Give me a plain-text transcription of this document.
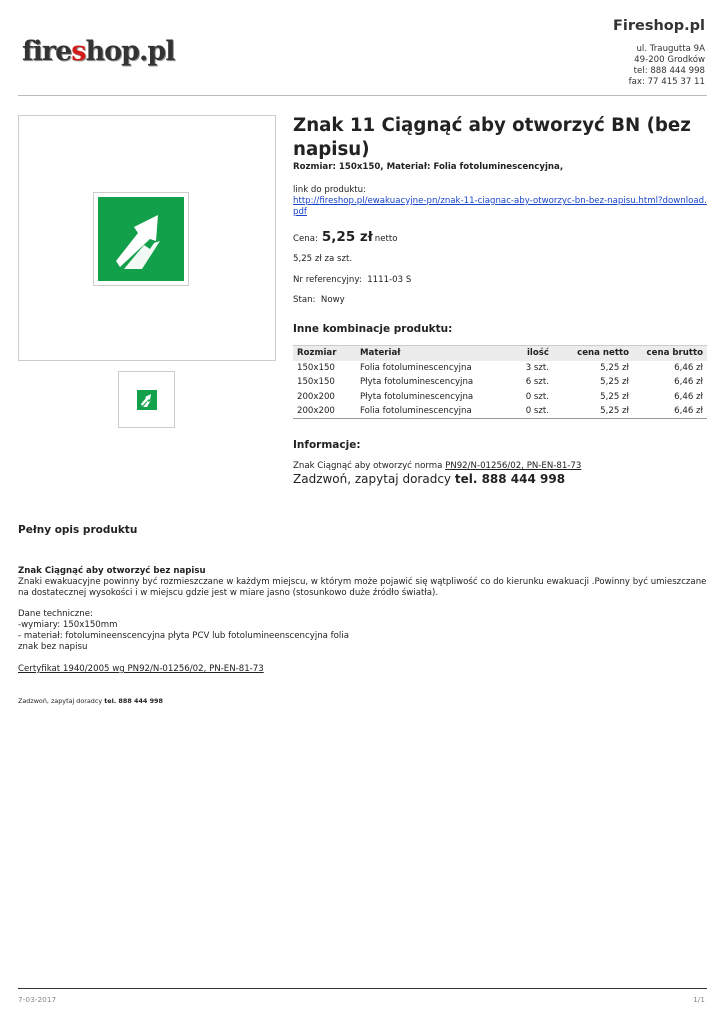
fireshop.pl
Fireshop.pl
ul. Traugutta 9A
49-200 Grodków
tel: 888 444 998
fax: 77 415 37 11
Znak 11 Ciągnąć aby otworzyć BN (bez napisu)
Rozmiar: 150x150, Materiał: Folia fotoluminescencyjna,
link do produktu:
http://fireshop.pl/ewakuacyjne-pn/znak-11-ciagnac-aby-otworzyc-bn-bez-napisu.html?download.pdf
Cena: 5,25 zł netto
5,25 zł za szt.
Nr referencyjny: 1111-03 S
Stan: Nowy
Inne kombinacje produktu:
Rozmiar	Materiał	ilość	cena netto	cena brutto
150x150	Folia fotoluminescencyjna	3 szt.	5,25 zł	6,46 zł
150x150	Płyta fotoluminescencyjna	6 szt.	5,25 zł	6,46 zł
200x200	Płyta fotoluminescencyjna	0 szt.	5,25 zł	6,46 zł
200x200	Folia fotoluminescencyjna	0 szt.	5,25 zł	6,46 zł
Informacje:
Znak Ciągnąć aby otworzyć norma PN92/N-01256/02, PN-EN-81-73
Zadzwoń, zapytaj doradcy tel. 888 444 998
Pełny opis produktu
Znak Ciągnąć aby otworzyć bez napisu
Znaki ewakuacyjne powinny być rozmieszczane w każdym miejscu, w którym może pojawić się wątpliwość co do kierunku ewakuacji .Powinny być umieszczane na dostatecznej wysokości i w miejscu gdzie jest w miare jasno (stosunkowo duże źródło światła).
Dane techniczne:
-wymiary: 150x150mm
- materiał: fotolumineenscencyjna płyta PCV lub fotolumineenscencyjna folia
znak bez napisu
Certyfikat 1940/2005 wg PN92/N-01256/02, PN-EN-81-73
Zadzwoń, zapytaj doradcy tel. 888 444 998
7-03-2017	1/1
